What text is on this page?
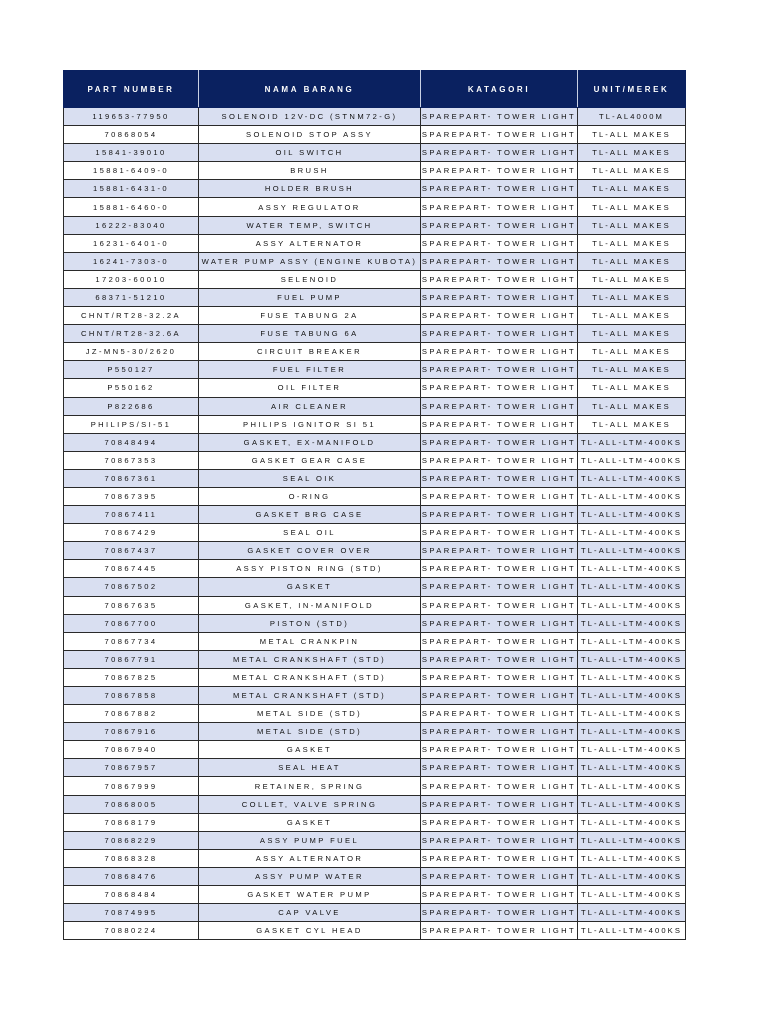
PART NUMBER	NAMA BARANG	KATAGORI	UNIT/MEREK
119653-77950	SOLENOID 12V-DC (STNM72-G)	SPAREPART- TOWER LIGHT	TL-AL4000M
70868054	SOLENOID STOP ASSY	SPAREPART- TOWER LIGHT	TL-ALL MAKES
15841-39010	OIL SWITCH	SPAREPART- TOWER LIGHT	TL-ALL MAKES
15881-6409-0	BRUSH	SPAREPART- TOWER LIGHT	TL-ALL MAKES
15881-6431-0	HOLDER BRUSH	SPAREPART- TOWER LIGHT	TL-ALL MAKES
15881-6460-0	ASSY REGULATOR	SPAREPART- TOWER LIGHT	TL-ALL MAKES
16222-83040	WATER TEMP, SWITCH	SPAREPART- TOWER LIGHT	TL-ALL MAKES
16231-6401-0	ASSY ALTERNATOR	SPAREPART- TOWER LIGHT	TL-ALL MAKES
16241-7303-0	WATER PUMP ASSY (ENGINE KUBOTA)	SPAREPART- TOWER LIGHT	TL-ALL MAKES
17203-60010	SELENOID	SPAREPART- TOWER LIGHT	TL-ALL MAKES
68371-51210	FUEL PUMP	SPAREPART- TOWER LIGHT	TL-ALL MAKES
CHNT/RT28-32.2A	FUSE TABUNG 2A	SPAREPART- TOWER LIGHT	TL-ALL MAKES
CHNT/RT28-32.6A	FUSE TABUNG 6A	SPAREPART- TOWER LIGHT	TL-ALL MAKES
JZ-MN5-30/2620	CIRCUIT BREAKER	SPAREPART- TOWER LIGHT	TL-ALL MAKES
P550127	FUEL FILTER	SPAREPART- TOWER LIGHT	TL-ALL MAKES
P550162	OIL FILTER	SPAREPART- TOWER LIGHT	TL-ALL MAKES
P822686	AIR CLEANER	SPAREPART- TOWER LIGHT	TL-ALL MAKES
PHILIPS/SI-51	PHILIPS IGNITOR SI 51	SPAREPART- TOWER LIGHT	TL-ALL MAKES
70848494	GASKET, EX-MANIFOLD	SPAREPART- TOWER LIGHT	TL-ALL-LTM-400KS
70867353	GASKET GEAR CASE	SPAREPART- TOWER LIGHT	TL-ALL-LTM-400KS
70867361	SEAL OIK	SPAREPART- TOWER LIGHT	TL-ALL-LTM-400KS
70867395	O-RING	SPAREPART- TOWER LIGHT	TL-ALL-LTM-400KS
70867411	GASKET BRG CASE	SPAREPART- TOWER LIGHT	TL-ALL-LTM-400KS
70867429	SEAL OIL	SPAREPART- TOWER LIGHT	TL-ALL-LTM-400KS
70867437	GASKET COVER OVER	SPAREPART- TOWER LIGHT	TL-ALL-LTM-400KS
70867445	ASSY PISTON RING (STD)	SPAREPART- TOWER LIGHT	TL-ALL-LTM-400KS
70867502	GASKET	SPAREPART- TOWER LIGHT	TL-ALL-LTM-400KS
70867635	GASKET, IN-MANIFOLD	SPAREPART- TOWER LIGHT	TL-ALL-LTM-400KS
70867700	PISTON (STD)	SPAREPART- TOWER LIGHT	TL-ALL-LTM-400KS
70867734	METAL CRANKPIN	SPAREPART- TOWER LIGHT	TL-ALL-LTM-400KS
70867791	METAL CRANKSHAFT (STD)	SPAREPART- TOWER LIGHT	TL-ALL-LTM-400KS
70867825	METAL CRANKSHAFT (STD)	SPAREPART- TOWER LIGHT	TL-ALL-LTM-400KS
70867858	METAL CRANKSHAFT (STD)	SPAREPART- TOWER LIGHT	TL-ALL-LTM-400KS
70867882	METAL SIDE (STD)	SPAREPART- TOWER LIGHT	TL-ALL-LTM-400KS
70867916	METAL SIDE (STD)	SPAREPART- TOWER LIGHT	TL-ALL-LTM-400KS
70867940	GASKET	SPAREPART- TOWER LIGHT	TL-ALL-LTM-400KS
70867957	SEAL HEAT	SPAREPART- TOWER LIGHT	TL-ALL-LTM-400KS
70867999	RETAINER, SPRING	SPAREPART- TOWER LIGHT	TL-ALL-LTM-400KS
70868005	COLLET, VALVE SPRING	SPAREPART- TOWER LIGHT	TL-ALL-LTM-400KS
70868179	GASKET	SPAREPART- TOWER LIGHT	TL-ALL-LTM-400KS
70868229	ASSY PUMP FUEL	SPAREPART- TOWER LIGHT	TL-ALL-LTM-400KS
70868328	ASSY ALTERNATOR	SPAREPART- TOWER LIGHT	TL-ALL-LTM-400KS
70868476	ASSY PUMP WATER	SPAREPART- TOWER LIGHT	TL-ALL-LTM-400KS
70868484	GASKET WATER PUMP	SPAREPART- TOWER LIGHT	TL-ALL-LTM-400KS
70874995	CAP VALVE	SPAREPART- TOWER LIGHT	TL-ALL-LTM-400KS
70880224	GASKET CYL HEAD	SPAREPART- TOWER LIGHT	TL-ALL-LTM-400KS
